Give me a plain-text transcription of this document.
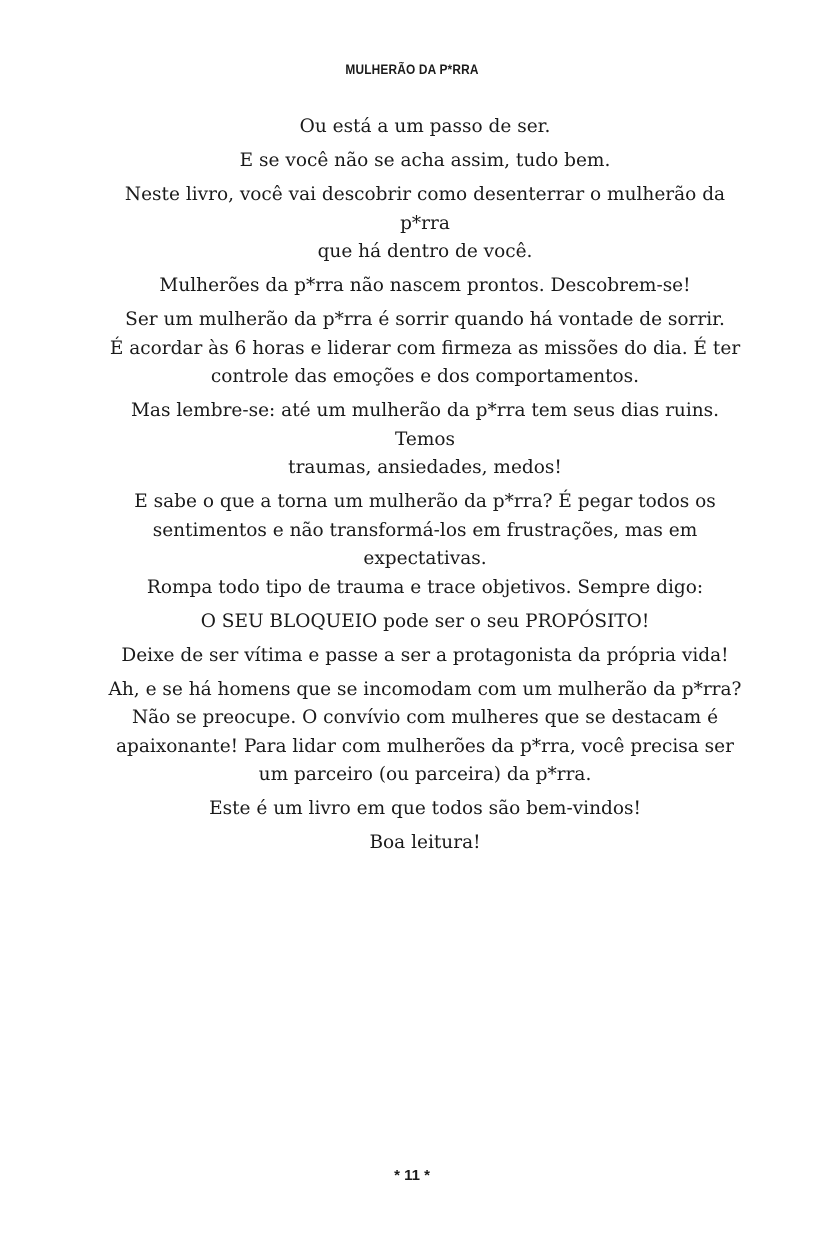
MULHERÃO DA P*RRA

Ou está a um passo de ser.

E se você não se acha assim, tudo bem.

Neste livro, você vai descobrir como desenterrar o mulherão da p*rra
que há dentro de você.

Mulherões da p*rra não nascem prontos. Descobrem-se!

Ser um mulherão da p*rra é sorrir quando há vontade de sorrir.
É acordar às 6 horas e liderar com firmeza as missões do dia. É ter
controle das emoções e dos comportamentos.

Mas lembre-se: até um mulherão da p*rra tem seus dias ruins. Temos
traumas, ansiedades, medos!

E sabe o que a torna um mulherão da p*rra? É pegar todos os
sentimentos e não transformá-los em frustrações, mas em expectativas.
Rompa todo tipo de trauma e trace objetivos. Sempre digo:

O SEU BLOQUEIO pode ser o seu PROPÓSITO!

Deixe de ser vítima e passe a ser a protagonista da própria vida!

Ah, e se há homens que se incomodam com um mulherão da p*rra?
Não se preocupe. O convívio com mulheres que se destacam é
apaixonante! Para lidar com mulherões da p*rra, você precisa ser
um parceiro (ou parceira) da p*rra.

Este é um livro em que todos são bem-vindos!

Boa leitura!

* 11 *
